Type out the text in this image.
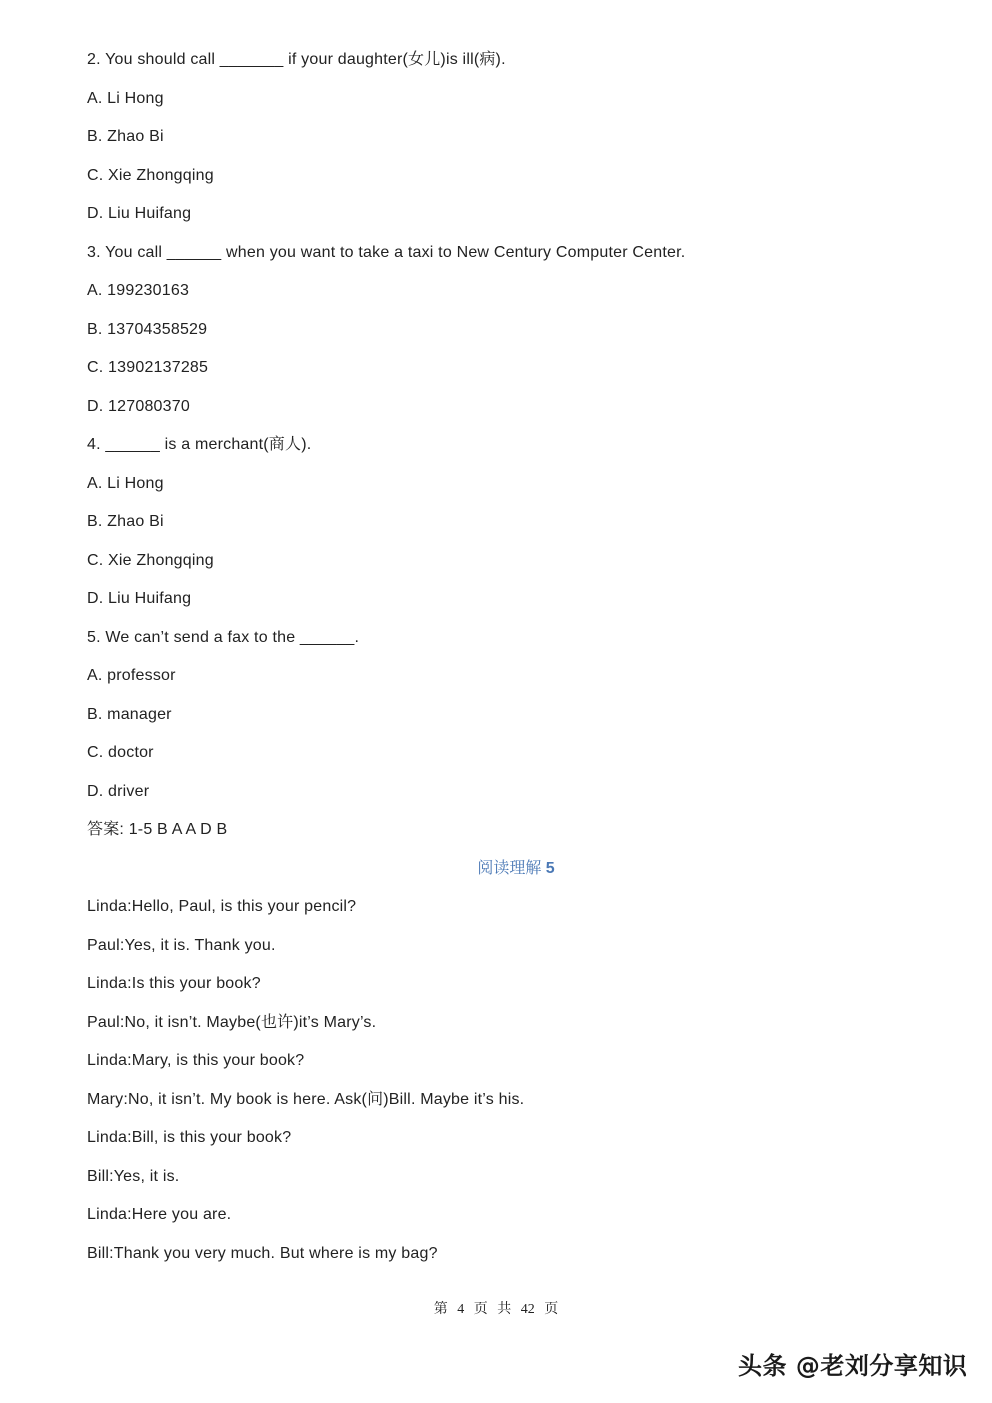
2. You should call _______ if your daughter(女儿)is ill(病).
A. Li Hong
B. Zhao Bi
C. Xie Zhongqing
D. Liu Huifang
3. You call ______ when you want to take a taxi to New Century Computer Center.
A. 199230163
B. 13704358529
C. 13902137285
D. 127080370
4. ______ is a merchant(商人).
A. Li Hong
B. Zhao Bi
C. Xie Zhongqing
D. Liu Huifang
5. We can’t send a fax to the ______.
A. professor
B. manager
C. doctor
D. driver
答案: 1-5 B A A D B
阅读理解 5
Linda:Hello, Paul, is this your pencil?
Paul:Yes, it is. Thank you.
Linda:Is this your book?
Paul:No, it isn’t. Maybe(也许)it’s Mary’s.
Linda:Mary, is this your book?
Mary:No, it isn’t. My book is here. Ask(问)Bill. Maybe it’s his.
Linda:Bill, is this your book?
Bill:Yes, it is.
Linda:Here you are.
Bill:Thank you very much. But where is my bag?
第 4 页 共 42 页
头条 @老刘分享知识
